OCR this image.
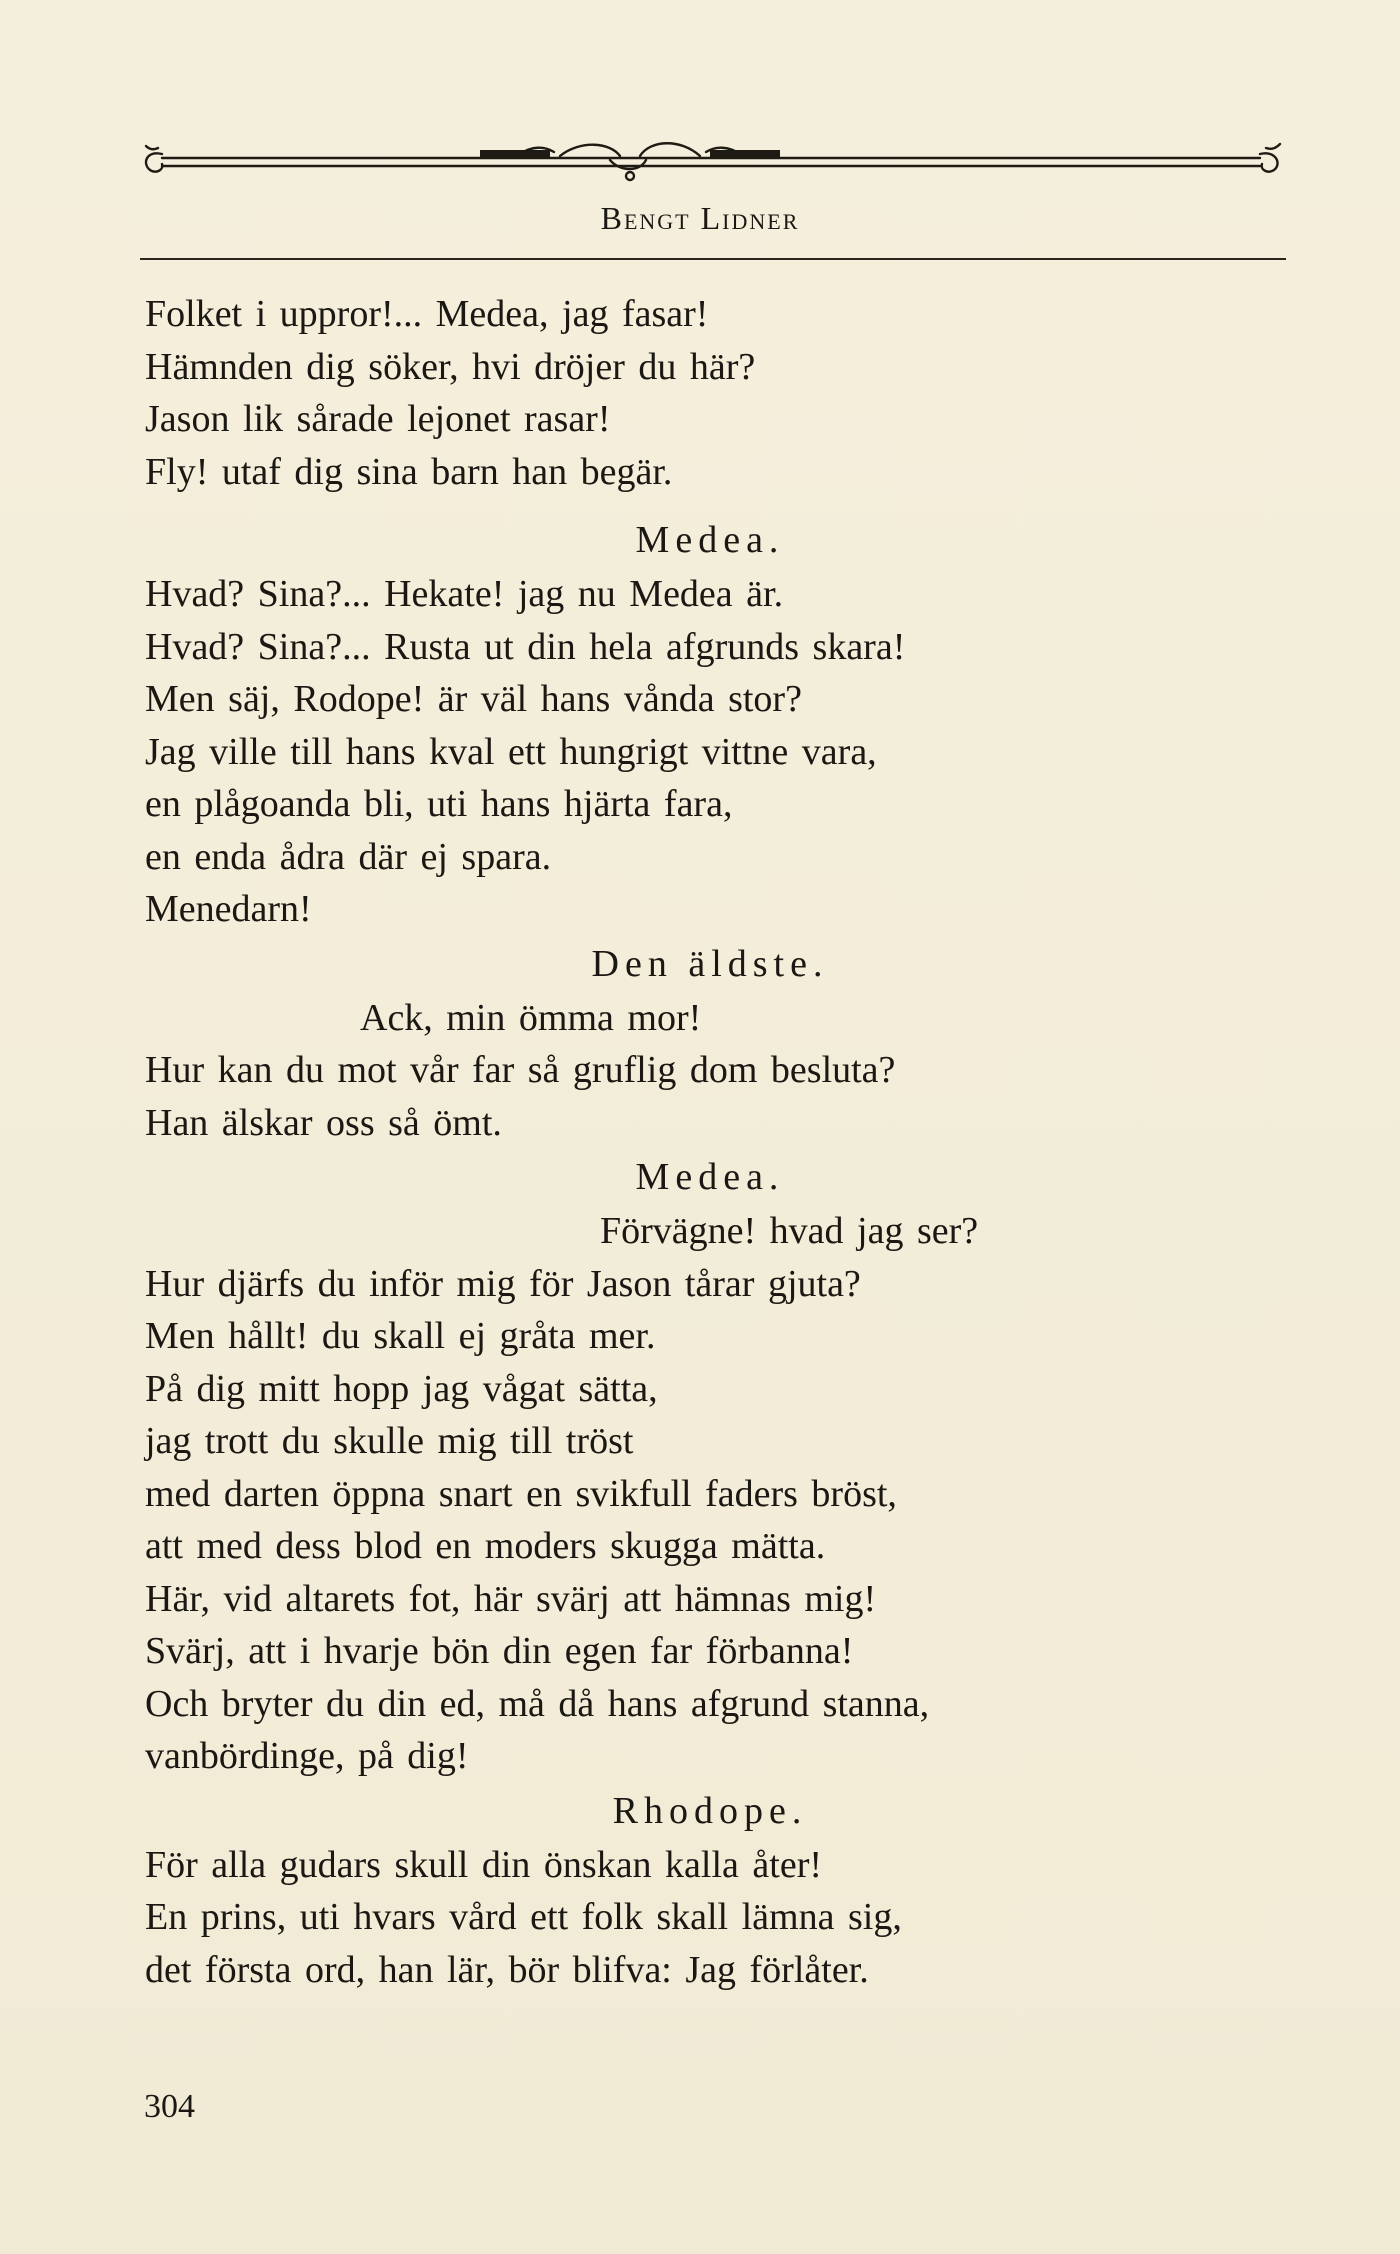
Bengt Lidner
Folket i uppror!... Medea, jag fasar!
Hämnden dig söker, hvi dröjer du här?
Jason lik sårade lejonet rasar!
Fly! utaf dig sina barn han begär.
Medea.
Hvad? Sina?... Hekate! jag nu Medea är.
Hvad? Sina?... Rusta ut din hela afgrunds skara!
Men säj, Rodope! är väl hans vånda stor?
Jag ville till hans kval ett hungrigt vittne vara,
en plågoanda bli, uti hans hjärta fara,
en enda ådra där ej spara.
Menedarn!
Den äldste.
Ack, min ömma mor!
Hur kan du mot vår far så gruflig dom besluta?
Han älskar oss så ömt.
Medea.
Förvägne! hvad jag ser?
Hur djärfs du inför mig för Jason tårar gjuta?
Men hållt! du skall ej gråta mer.
På dig mitt hopp jag vågat sätta,
jag trott du skulle mig till tröst
med darten öppna snart en svikfull faders bröst,
att med dess blod en moders skugga mätta.
Här, vid altarets fot, här svärj att hämnas mig!
Svärj, att i hvarje bön din egen far förbanna!
Och bryter du din ed, må då hans afgrund stanna,
vanbördinge, på dig!
Rhodope.
För alla gudars skull din önskan kalla åter!
En prins, uti hvars vård ett folk skall lämna sig,
det första ord, han lär, bör blifva: Jag förlåter.
304
